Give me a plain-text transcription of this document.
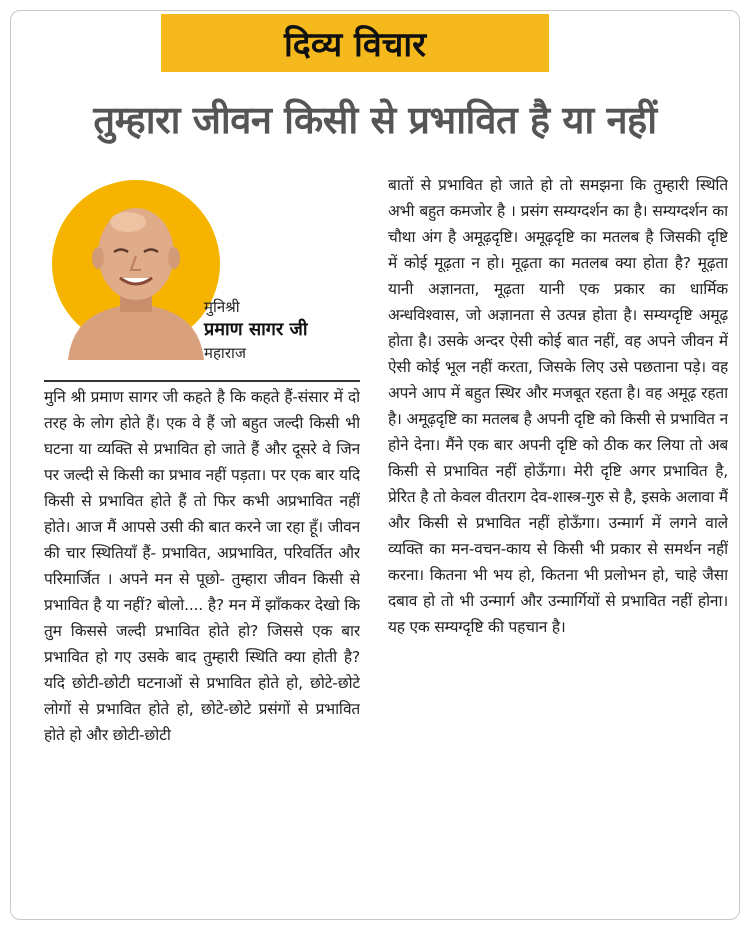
दिव्य विचार
तुम्हारा जीवन किसी से प्रभावित है या नहीं
मुनिश्री
प्रमाण सागर जी
महाराज
मुनि श्री प्रमाण सागर जी कहते है कि कहते हैं-संसार में दो तरह के लोग होते हैं। एक वे हैं जो बहुत जल्दी किसी भी घटना या व्यक्ति से प्रभावित हो जाते हैं और दूसरे वे जिन पर जल्दी से किसी का प्रभाव नहीं पड़ता। पर एक बार यदि किसी से प्रभावित होते हैं तो फिर कभी अप्रभावित नहीं होते। आज मैं आपसे उसी की बात करने जा रहा हूँ। जीवन की चार स्थितियाँ हैं- प्रभावित, अप्रभावित, परिवर्तित और परिमार्जित । अपने मन से पूछो- तुम्हारा जीवन किसी से प्रभावित है या नहीं? बोलो.... है? मन में झाँककर देखो कि तुम किससे जल्दी प्रभावित होते हो? जिससे एक बार प्रभावित हो गए उसके बाद तुम्हारी स्थिति क्या होती है? यदि छोटी-छोटी घटनाओं से प्रभावित होते हो, छोटे-छोटे लोगों से प्रभावित होते हो, छोटे-छोटे प्रसंगों से प्रभावित होते हो और छोटी-छोटी
बातों से प्रभावित हो जाते हो तो समझना कि तुम्हारी स्थिति अभी बहुत कमजोर है । प्रसंग सम्यग्दर्शन का है। सम्यग्दर्शन का चौथा अंग है अमूढ़दृष्टि। अमूढ़दृष्टि का मतलब है जिसकी दृष्टि में कोई मूढ़ता न हो। मूढ़ता का मतलब क्या होता है? मूढ़ता यानी अज्ञानता, मूढ़ता यानी एक प्रकार का धार्मिक अन्धविश्वास, जो अज्ञानता से उत्पन्न होता है। सम्यग्दृष्टि अमूढ़ होता है। उसके अन्दर ऐसी कोई बात नहीं, वह अपने जीवन में ऐसी कोई भूल नहीं करता, जिसके लिए उसे पछताना पड़े। वह अपने आप में बहुत स्थिर और मजबूत रहता है। वह अमूढ़ रहता है। अमूढ़दृष्टि का मतलब है अपनी दृष्टि को किसी से प्रभावित न होने देना। मैंने एक बार अपनी दृष्टि को ठीक कर लिया तो अब किसी से प्रभावित नहीं होऊँगा। मेरी दृष्टि अगर प्रभावित है, प्रेरित है तो केवल वीतराग देव-शास्त्र-गुरु से है, इसके अलावा मैं और किसी से प्रभावित नहीं होऊँगा। उन्मार्ग में लगने वाले व्यक्ति का मन-वचन-काय से किसी भी प्रकार से समर्थन नहीं करना। कितना भी भय हो, कितना भी प्रलोभन हो, चाहे जैसा दबाव हो तो भी उन्मार्ग और उन्मार्गियों से प्रभावित नहीं होना। यह एक सम्यग्दृष्टि की पहचान है।
